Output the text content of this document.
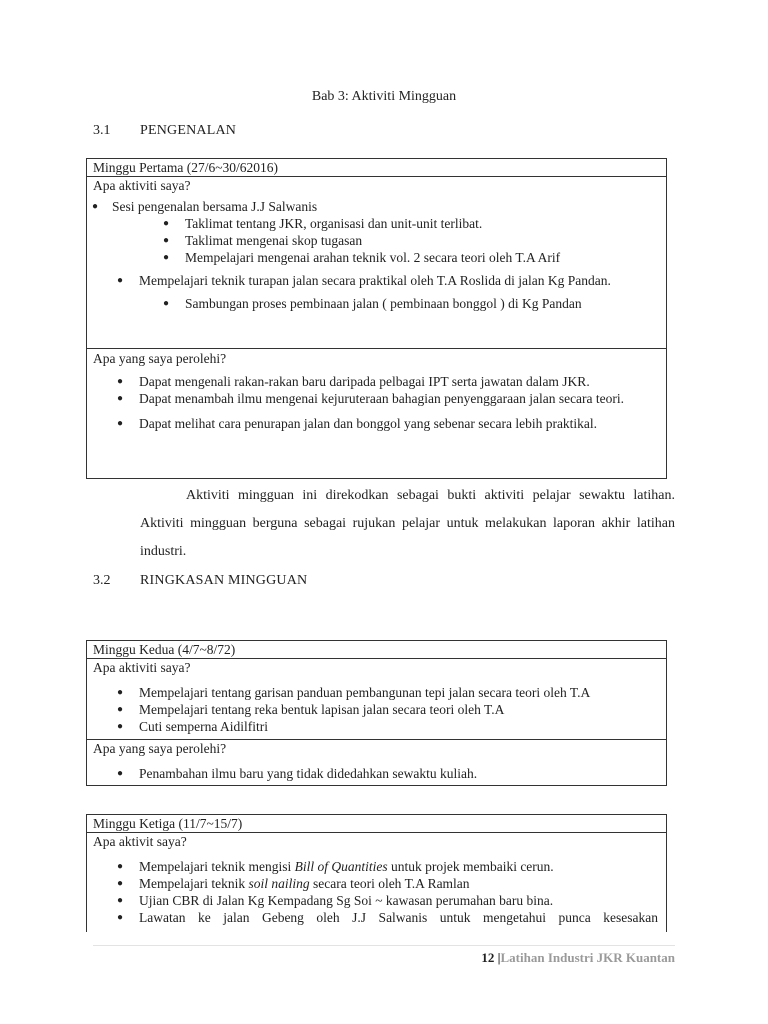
Bab 3: Aktiviti Mingguan
3.1 PENGENALAN
Minggu Pertama (27/6~30/62016)
Apa aktiviti saya?
● Sesi pengenalan bersama J.J Salwanis
● Taklimat tentang JKR, organisasi dan unit-unit terlibat.
● Taklimat mengenai skop tugasan
● Mempelajari mengenai arahan teknik vol. 2 secara teori oleh T.A Arif
● Mempelajari teknik turapan jalan secara praktikal oleh T.A Roslida di jalan Kg Pandan.
● Sambungan proses pembinaan jalan ( pembinaan bonggol ) di Kg Pandan
Apa yang saya perolehi?
● Dapat mengenali rakan-rakan baru daripada pelbagai IPT serta jawatan dalam JKR.
● Dapat menambah ilmu mengenai kejuruteraan bahagian penyenggaraan jalan secara teori.
● Dapat melihat cara penurapan jalan dan bonggol yang sebenar secara lebih praktikal.
Aktiviti mingguan ini direkodkan sebagai bukti aktiviti pelajar sewaktu latihan. Aktiviti mingguan berguna sebagai rujukan pelajar untuk melakukan laporan akhir latihan industri.
3.2 RINGKASAN MINGGUAN
Minggu Kedua (4/7~8/72)
Apa aktiviti saya?
● Mempelajari tentang garisan panduan pembangunan tepi jalan secara teori oleh T.A
● Mempelajari tentang reka bentuk lapisan jalan secara teori oleh T.A
● Cuti semperna Aidilfitri
Apa yang saya perolehi?
● Penambahan ilmu baru yang tidak didedahkan sewaktu kuliah.
Minggu Ketiga (11/7~15/7)
Apa aktivit saya?
● Mempelajari teknik mengisi Bill of Quantities untuk projek membaiki cerun.
● Mempelajari teknik soil nailing secara teori oleh T.A Ramlan
● Ujian CBR di Jalan Kg Kempadang Sg Soi ~ kawasan perumahan baru bina.
● Lawatan ke jalan Gebeng oleh J.J Salwanis untuk mengetahui punca kesesakan
12 |Latihan Industri JKR Kuantan
